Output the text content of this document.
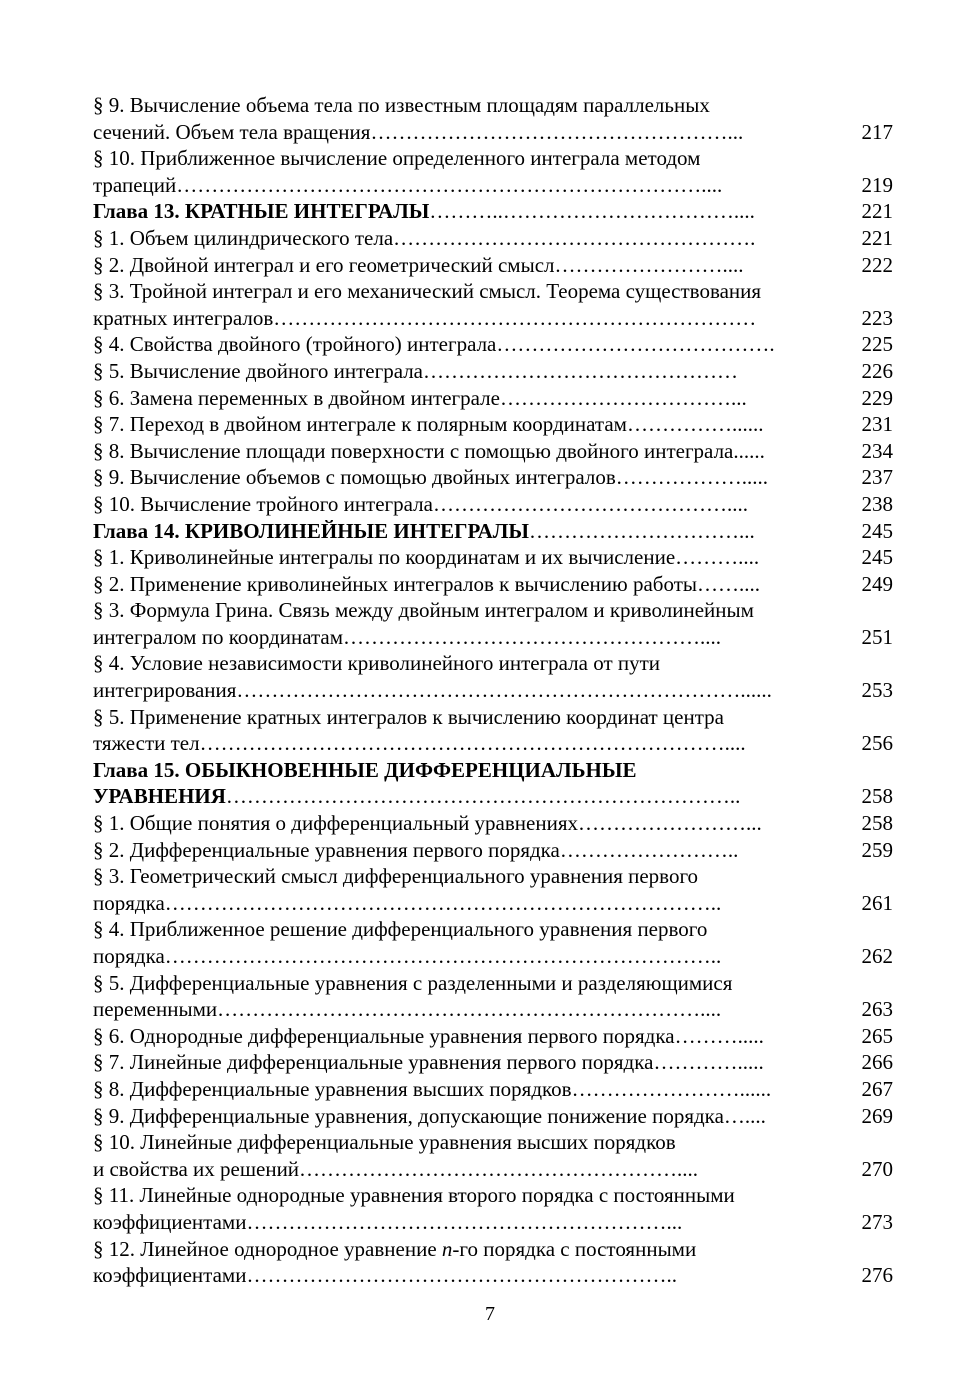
§ 9. Вычисление объема тела по известным площадям параллельных
сечений. Объем тела вращения……………………………………………...	217
§ 10. Приближенное вычисление определенного интеграла методом
трапеций…………………………………………………………………....	219
Глава 13. КРАТНЫЕ ИНТЕГРАЛЫ………..……………………………....	221
§ 1. Объем цилиндрического тела…………………………………………….	221
§ 2. Двойной интеграл и его геометрический смысл……………………....	222
§ 3. Тройной интеграл и его механический смысл. Теорема существования
кратных интегралов……………………………………………………………	223
§ 4. Свойства двойного (тройного) интеграла………………………………….	225
§ 5. Вычисление двойного интеграла………………………………………	226
§ 6. Замена переменных в двойном интеграле……………………………...	229
§ 7. Переход в двойном интеграле к полярным координатам……………......	231
§ 8. Вычисление площади поверхности с помощью двойного интеграла......	234
§ 9. Вычисление объемов с помощью двойных интегралов……………….....	237
§ 10. Вычисление тройного интеграла……………………………………....	238
Глава 14. КРИВОЛИНЕЙНЫЕ ИНТЕГРАЛЫ…………………………...	245
§ 1. Криволинейные интегралы по координатам и их вычисление………....	245
§ 2. Применение криволинейных интегралов к вычислению работы……....	249
§ 3. Формула Грина. Связь между двойным интегралом и криволинейным
интегралом по координатам……………………………………………....	251
§ 4. Условие независимости криволинейного интеграла от пути
интегрирования………………………………………………………………......	253
§ 5. Применение кратных интегралов к вычислению координат центра
тяжести тел…………………………………………………………………....	256
Глава 15. ОБЫКНОВЕННЫЕ ДИФФЕРЕНЦИАЛЬНЫЕ
УРАВНЕНИЯ………………………………………………………………..	258
§ 1. Общие понятия о дифференциальный уравнениях……………………...	258
§ 2. Дифференциальные уравнения первого порядка……………………..	259
§ 3. Геометрический смысл дифференциального уравнения первого
порядка……………………………………………………………………..	261
§ 4. Приближенное решение дифференциального уравнения первого
порядка……………………………………………………………………..	262
§ 5. Дифференциальные уравнения с разделенными и разделяющимися
переменными……………………………………………………………....	263
§ 6. Однородные дифференциальные уравнения первого порядка……….....	265
§ 7. Линейные дифференциальные уравнения первого порядка………….....	266
§ 8. Дифференциальные уравнения высших порядков……………………......	267
§ 9. Дифференциальные уравнения, допускающие понижение порядка…....	269
§ 10. Линейные дифференциальные уравнения высших порядков
и свойства их решений………………………………………………....	270
§ 11. Линейные однородные уравнения второго порядка с постоянными
коэффициентами……………………………………………………...	273
§ 12. Линейное однородное уравнение n-го порядка с постоянными
коэффициентами……………………………………………………..	276
7
